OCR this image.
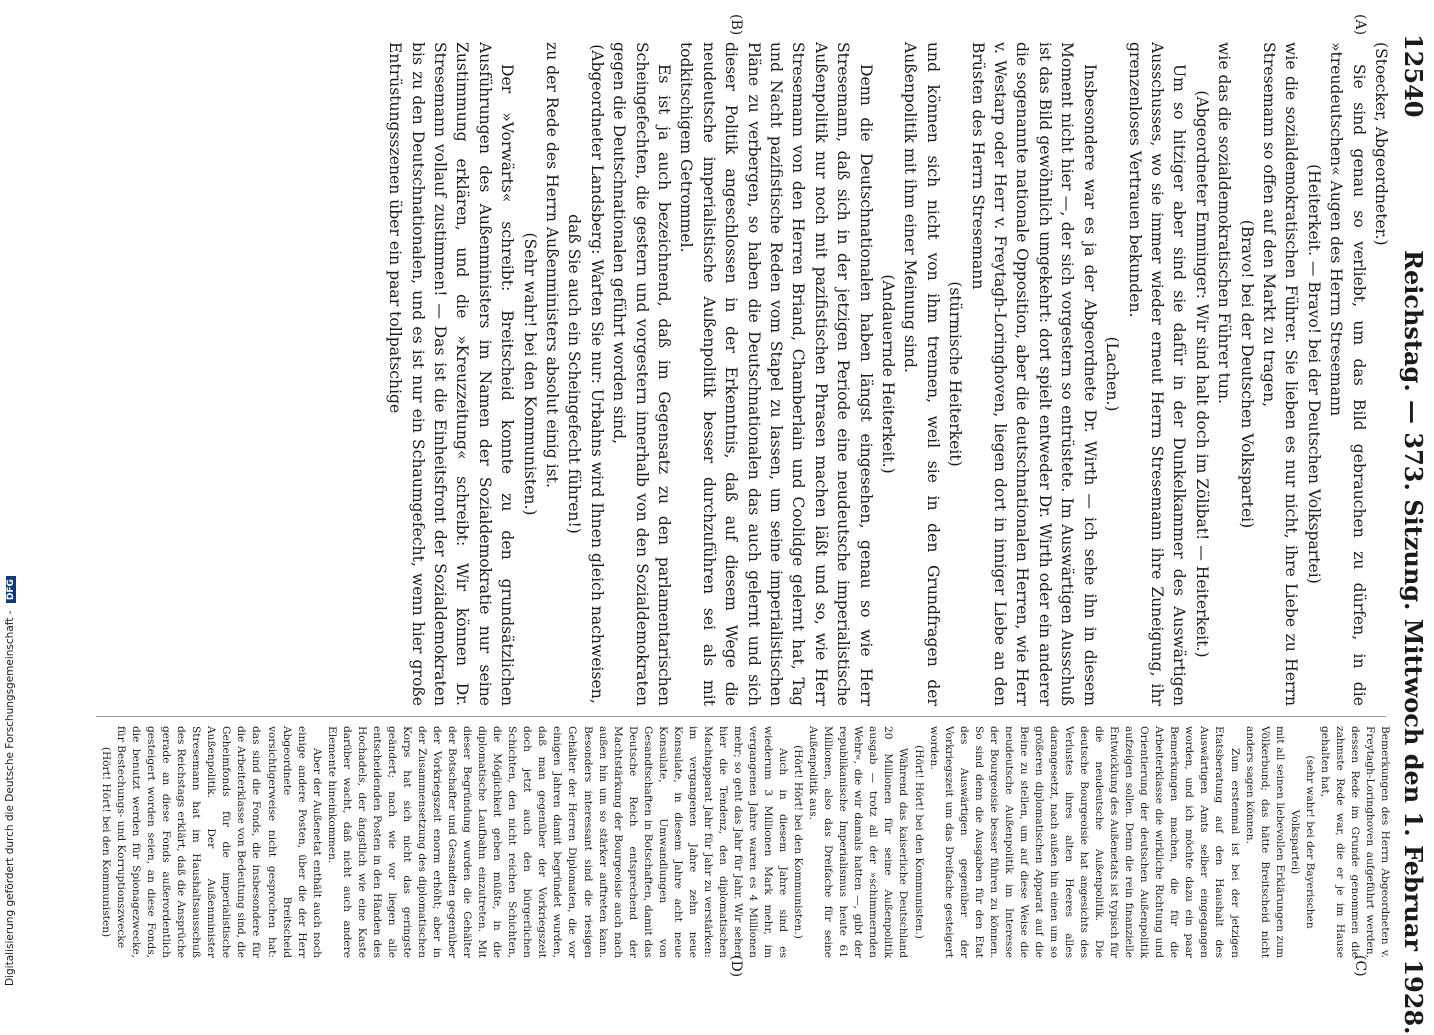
12540
Reichstag. — 373. Sitzung. Mittwoch den 1. Februar 1928.
(A)
(B)
(C)
(D)

(Stoecker, Abgeordneter.)

Sie sind genau so verliebt, um das Bild gebrauchen zu dürfen, in die »treudeutschen« Augen des Herrn Stresemann

(Heiterkeit. — Bravo! bei der Deutschen Volkspartei)

wie die sozialdemokratischen Führer. Sie lieben es nur nicht, ihre Liebe zu Herrn Stresemann so offen auf den Markt zu tragen,

(Bravo! bei der Deutschen Volkspartei)

wie das die sozialdemokratischen Führer tun.

(Abgeordneter Emminger: Wir sind halt doch im Zölibat! — Heiterkeit.)

Um so hitziger aber sind sie dafür in der Dunkelkammer des Auswärtigen Ausschusses, wo sie immer wieder erneut Herrn Stresemann ihre Zuneigung, ihr grenzenloses Vertrauen bekunden.

(Lachen.)

Insbesondere war es ja der Abgeordnete Dr. Wirth — ich sehe ihn in diesem Moment nicht hier —, der sich vorgestern so entrüstete. Im Auswärtigen Ausschuß ist das Bild gewöhnlich umgekehrt: dort spielt entweder Dr. Wirth oder ein anderer die sogenannte nationale Opposition, aber die deutschnationalen Herren, wie Herr v. Westarp oder Herr v. Freytagh-Loringhoven, liegen dort in inniger Liebe an den Brüsten des Herrn Stresemann

(stürmische Heiterkeit)

und können sich nicht von ihm trennen, weil sie in den Grundfragen der Außenpolitik mit ihm einer Meinung sind.

(Andauernde Heiterkeit.)

Denn die Deutschnationalen haben längst eingesehen, genau so wie Herr Stresemann, daß sich in der jetzigen Periode eine neudeutsche imperialistische Außenpolitik nur noch mit pazifistischen Phrasen machen läßt und so, wie Herr Stresemann von den Herren Briand, Chamberlain und Coolidge gelernt hat, Tag und Nacht pazifistische Reden vom Stapel zu lassen, um seine imperialistischen Pläne zu verbergen, so haben die Deutschnationalen das auch gelernt und sich dieser Politik angeschlossen in der Erkenntnis, daß auf diesem Wege die neudeutsche imperialistische Außenpolitik besser durchzuführen sei als mit todkitschigem Getrommel.

Es ist ja auch bezeichnend, daß im Gegensatz zu den parlamentarischen Scheingefechten, die gestern und vorgestern innerhalb von den Sozialdemokraten gegen die Deutschnationalen geführt worden sind,

(Abgeordneter Landsberg: Warten Sie nur: Urbahns wird Ihnen gleich nachweisen, daß Sie auch ein Scheingefecht führen!)

zu der Rede des Herrn Außenministers absolut einig ist.

(Sehr wahr! bei den Kommunisten.)

Der »Vorwärts« schreibt: Breitscheid konnte zu den grundsätzlichen Ausführungen des Außenministers im Namen der Sozialdemokratie nur seine Zustimmung erklären, und die »Kreuzzeitung« schreibt: Wir können Dr. Stresemann vollauf zustimmen! — Das ist die Einheitsfront der Sozialdemokraten bis zu den Deutschnationalen, und es ist nur ein Schaumgefecht, wenn hier große Entrüstungsszenen über ein paar tollpatschige

Bemerkungen des Herrn Abgeordneten v. Freytagh-Loringhoven aufgeführt werden, dessen Rede im Grunde genommen die zahmste Rede war, die er je im Hause gehalten hat,

(sehr wahr! bei der Bayerischen Volkspartei)

mit all seinen liebevollen Erklärungen zum Völkerbund; das hätte Breitscheid nicht anders sagen können.

Zum erstenmal ist bei der jetzigen Etatsberatung auf den Haushalt des Auswärtigen Amts selber eingegangen worden, und ich möchte dazu ein paar Bemerkungen machen, die für die Arbeiterklasse die wirkliche Richtung und Orientierung der deutschen Außenpolitik aufzeigen sollen. Denn die rein finanzielle Entwicklung des Außenetats ist typisch für die neudeutsche Außenpolitik. Die deutsche Bourgeoisie hat angesichts des Verlustes ihres alten Heeres alles darangesetzt, nach außen hin einen um so größeren diplomatischen Apparat auf die Beine zu stellen, um auf diese Weise die neudeutsche Außenpolitik im Interesse der Bourgeoisie besser führen zu können. So sind denn die Ausgaben für den Etat des Auswärtigen gegenüber der Vorkriegszeit um das Dreifache gesteigert worden.

(Hört! Hört! bei den Kommunisten.)

Während das kaiserliche Deutschland 20 Millionen für seine Außenpolitik ausgab — trotz all der »schimmernden Wehr«, die wir damals hatten —, gibt der republikanische Imperialismus heute 61 Millionen, also das Dreifache für seine Außenpolitik aus.

(Hört! Hört! bei den Kommunisten.)

Auch in diesem Jahre sind es wiederum 3 Millionen Mark mehr, im vergangenen Jahre waren es 4 Millionen mehr; so geht das Jahr für Jahr. Wir sehen hier die Tendenz, den diplomatischen Machtapparat Jahr für Jahr zu verstärken: im vergangenen Jahre zehn neue Konsulate, in diesem Jahre acht neue Konsulate, Umwandlungen von Gesandtschaften in Botschaften, damit das Deutsche Reich entsprechend der Machtstärkung der Bourgeoisie auch nach außen hin um so stärker auftreten kann. Besonders interessant sind die riesigen Gehälter der Herren Diplomaten, die vor einigen Jahren damit begründet wurden, daß man gegenüber der Vorkriegszeit doch jetzt auch den bürgerlichen Schichten, den nicht reichen Schichten, die Möglichkeit geben müßte, in die diplomatische Laufbahn einzutreten. Mit dieser Begründung wurden die Gehälter der Botschafter und Gesandten gegenüber der Vorkriegszeit enorm erhöht; aber in der Zusammensetzung des diplomatischen Korps hat sich nicht das geringste geändert; nach wie vor liegen alle entscheidenden Posten in den Händen des Hochadels, der ängstlich wie eine Kaste darüber wacht, daß nicht auch andere Elemente hineinkommen.

Aber der Außenetat enthält auch noch einige andere Posten, über die der Herr Abgeordnete Breitscheid vorsichtigerweise nicht gesprochen hat: das sind die Fonds, die insbesondere für die Arbeiterklasse von Bedeutung sind, die Geheimfonds für die imperialistische Außenpolitik. Der Außenminister Stresemann hat im Haushaltsausschuß des Reichstags erklärt, daß die Ansprüche gerade an diese Fonds außerordentlich gesteigert worden seien, an diese Fonds, die benutzt werden für Spionagezwecke, für Bestechungs- und Korruptionszwecke

(Hört! Hört! bei den Kommunisten)

Digitalisierung gefördert durch die Deutsche Forschungsgemeinschaft - DFG
